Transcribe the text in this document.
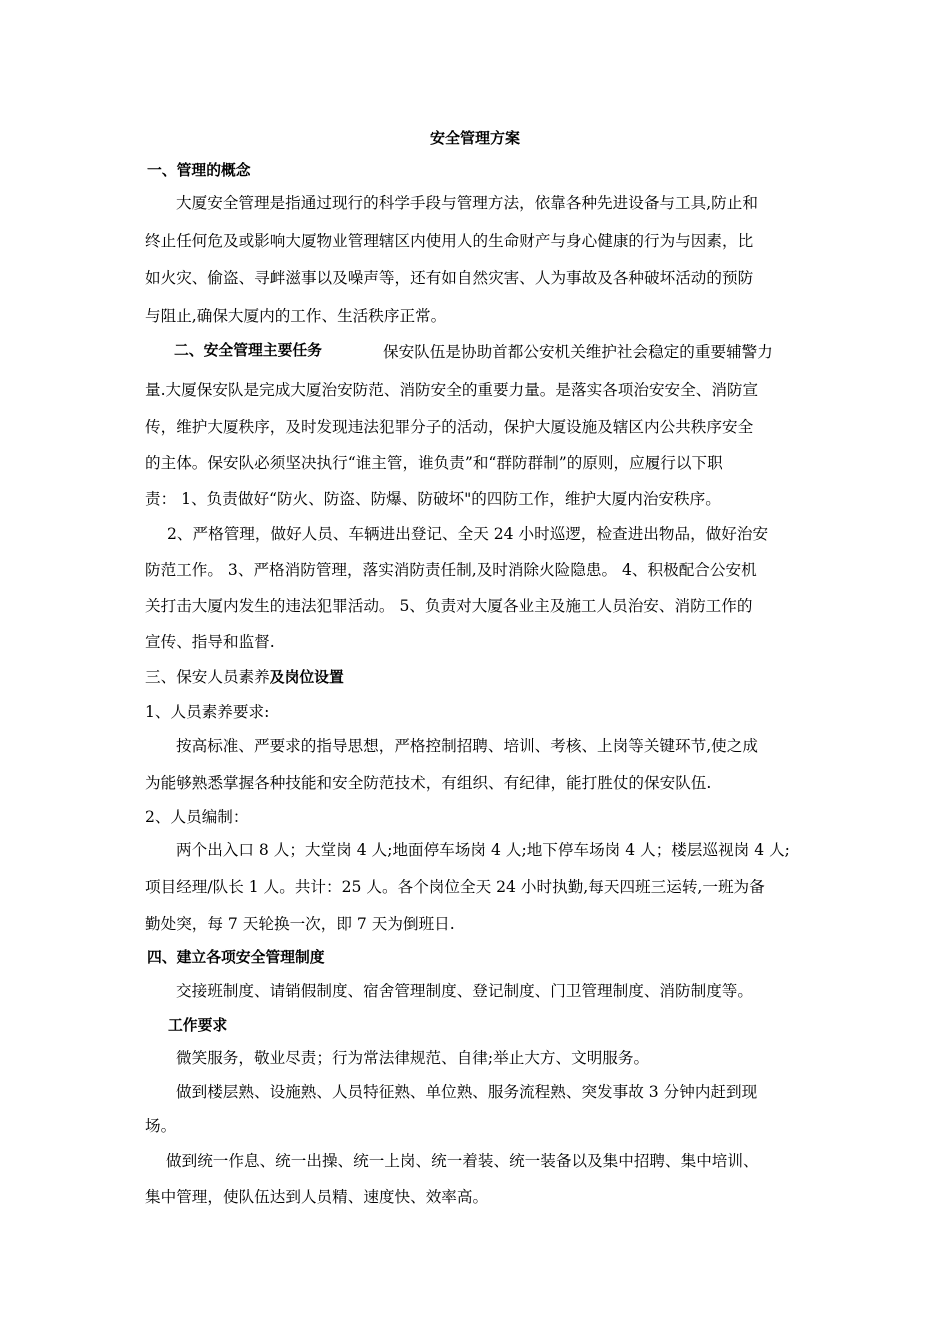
安全管理方案
一、管理的概念
大厦安全管理是指通过现行的科学手段与管理方法，依靠各种先进设备与工具,防止和
终止任何危及或影响大厦物业管理辖区内使用人的生命财产与身心健康的行为与因素，比
如火灾、偷盗、寻衅滋事以及噪声等，还有如自然灾害、人为事故及各种破坏活动的预防
与阻止,确保大厦内的工作、生活秩序正常。
二、安全管理主要任务	保安队伍是协助首都公安机关维护社会稳定的重要辅警力
量.大厦保安队是完成大厦治安防范、消防安全的重要力量。是落实各项治安安全、消防宣
传，维护大厦秩序，及时发现违法犯罪分子的活动，保护大厦设施及辖区内公共秩序安全
的主体。保安队必须坚决执行“谁主管，谁负责”和“群防群制”的原则，应履行以下职
责： 1、负责做好“防火、防盗、防爆、防破坏"的四防工作，维护大厦内治安秩序。
2、严格管理，做好人员、车辆进出登记、全天 24 小时巡逻，检查进出物品，做好治安
防范工作。 3、严格消防管理，落实消防责任制,及时消除火险隐患。 4、积极配合公安机
关打击大厦内发生的违法犯罪活动。 5、负责对大厦各业主及施工人员治安、消防工作的
宣传、指导和监督.
三、保安人员素养及岗位设置
1、人员素养要求:
按高标准、严要求的指导思想，严格控制招聘、培训、考核、上岗等关键环节,使之成
为能够熟悉掌握各种技能和安全防范技术，有组织、有纪律，能打胜仗的保安队伍.
2、人员编制：
两个出入口 8 人；大堂岗 4 人;地面停车场岗 4 人;地下停车场岗 4 人；楼层巡视岗 4 人;
项目经理/队长 1 人。共计：25 人。各个岗位全天 24 小时执勤,每天四班三运转,一班为备
勤处突，每 7 天轮换一次，即 7 天为倒班日.
四、建立各项安全管理制度
交接班制度、请销假制度、宿舍管理制度、登记制度、门卫管理制度、消防制度等。
工作要求
微笑服务，敬业尽责；行为常法律规范、自律;举止大方、文明服务。
做到楼层熟、设施熟、人员特征熟、单位熟、服务流程熟、突发事故 3 分钟内赶到现
场。
做到统一作息、统一出操、统一上岗、统一着装、统一装备以及集中招聘、集中培训、
集中管理，使队伍达到人员精、速度快、效率高。
